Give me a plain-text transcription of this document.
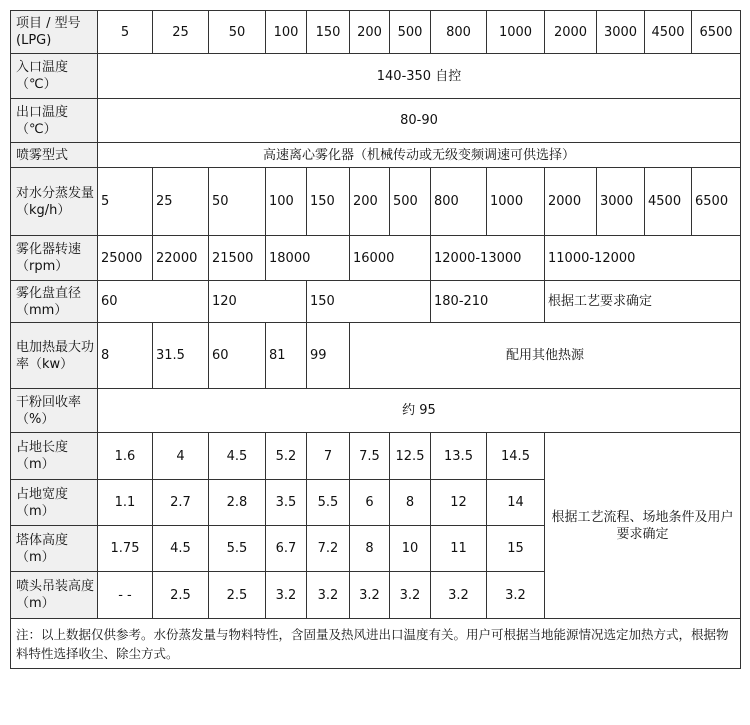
项目 / 型号(LPG)	5	25	50	100	150	200	500	800	1000	2000	3000	4500	6500
入口温度（℃）	140-350 自控												
出口温度（℃）	80-90												
喷雾型式	高速离心雾化器（机械传动或无级变频调速可供选择）												
对水分蒸发量（kg/h）	5	25	50	100	150	200	500	800	1000	2000	3000	4500	6500
雾化器转速（rpm）	25000	22000	21500	18000		16000		12000-13000		11000-12000			
雾化盘直径（mm）	60		120		150			180-210		根据工艺要求确定			
电加热最大功率（kw）	8	31.5	60	81	99	配用其他热源							
干粉回收率（%）	约 95												
占地长度（m）	1.6	4	4.5	5.2	7	7.5	12.5	13.5	14.5	根据工艺流程、场地条件及用户要求确定			
占地宽度（m）	1.1	2.7	2.8	3.5	5.5	6	8	12	14				
塔体高度（m）	1.75	4.5	5.5	6.7	7.2	8	10	11	15				
喷头吊装高度（m）	- -	2.5	2.5	3.2	3.2	3.2	3.2	3.2	3.2				
注：以上数据仅供参考。水份蒸发量与物料特性，含固量及热风进出口温度有关。用户可根据当地能源情况选定加热方式，根据物料特性选择收尘、除尘方式。													
